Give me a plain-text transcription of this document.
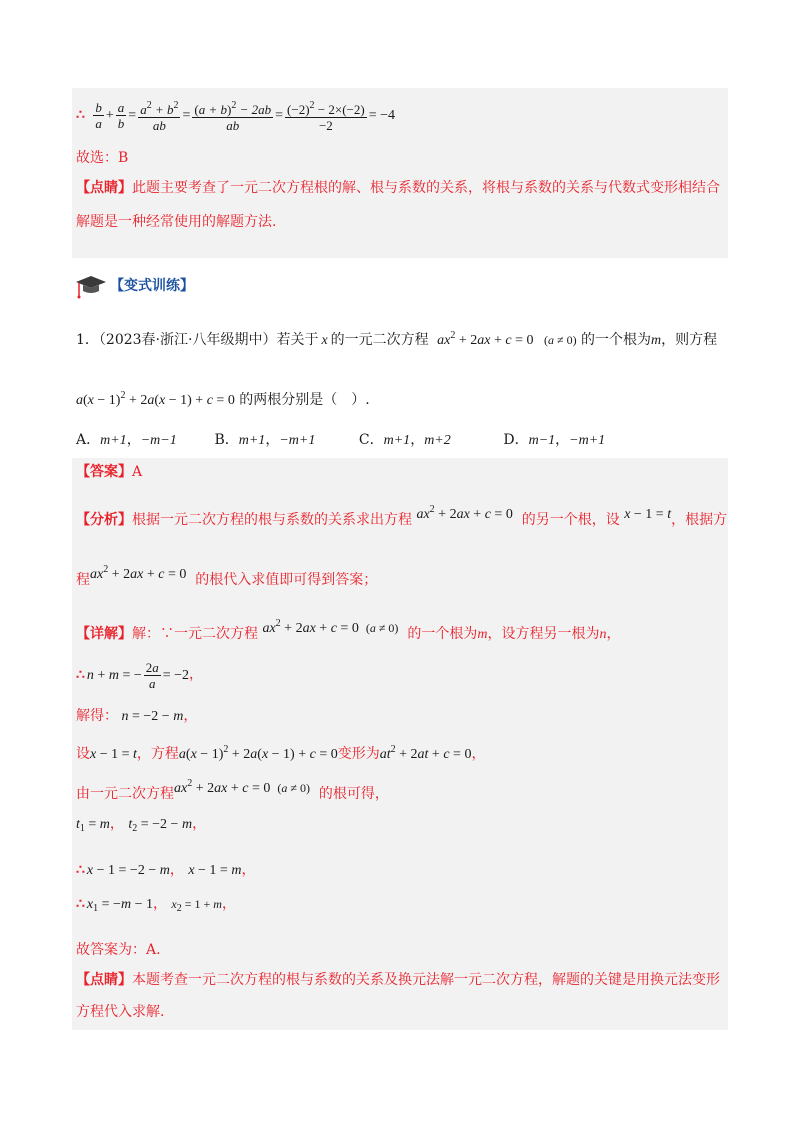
∴ $\frac{b}{a} + \frac{a}{b} = \frac{a^2 + b^2}{ab} = \frac{(a + b)^2 - 2ab}{ab} = \frac{(-2)^2 - 2\times(-2)}{-2} = -4$
故选：B
【点睛】此题主要考查了一元二次方程根的解、根与系数的关系，将根与系数的关系与代数式变形相结合
解题是一种经常使用的解题方法.
【变式训练】
1．（2023春·浙江·八年级期中）若关于 x 的一元二次方程 $ax^2 + 2ax + c = 0$ (a ≠ 0) 的一个根为m，则方程
$a(x - 1)^2 + 2a(x - 1) + c = 0$ 的两根分别是（　）.
A．m+1，−m−1	B．m+1，−m+1	C．m+1，m+2	D．m−1，−m+1
【答案】A
【分析】根据一元二次方程的根与系数的关系求出方程 $ax^2 + 2ax + c = 0$ 的另一个根，设 x − 1 = t，根据方
程$ax^2 + 2ax + c = 0$ 的根代入求值即可得到答案；
【详解】解：∵一元二次方程 $ax^2 + 2ax + c = 0$ (a ≠ 0) 的一个根为m，设方程另一根为n，
∴ n + m = − $\frac{2a}{a} = -2$，
解得： n = −2 − m，
设x − 1 = t，方程$a(x - 1)^2 + 2a(x - 1) + c = 0$变形为$at^2 + 2at + c = 0$，
由一元二次方程$ax^2 + 2ax + c = 0$ (a ≠ 0) 的根可得，
$t_1 = m$， $t_2 = -2 - m$，
∴ x − 1 = −2 − m， x − 1 = m，
∴ $x_1 = -m - 1$， $x_2 = 1 + m$，
故答案为：A.
【点睛】本题考查一元二次方程的根与系数的关系及换元法解一元二次方程，解题的关键是用换元法变形
方程代入求解.
